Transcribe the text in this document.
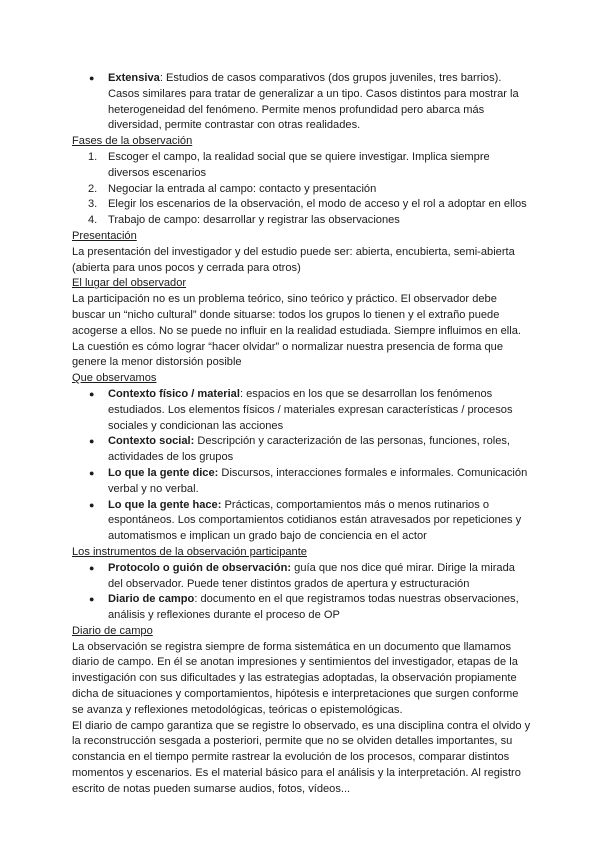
● Extensiva: Estudios de casos comparativos (dos grupos juveniles, tres barrios). Casos similares para tratar de generalizar a un tipo. Casos distintos para mostrar la heterogeneidad del fenómeno. Permite menos profundidad pero abarca más diversidad, permite contrastar con otras realidades.

Fases de la observación

1. Escoger el campo, la realidad social que se quiere investigar. Implica siempre diversos escenarios
2. Negociar la entrada al campo: contacto y presentación
3. Elegir los escenarios de la observación, el modo de acceso y el rol a adoptar en ellos
4. Trabajo de campo: desarrollar y registrar las observaciones

Presentación

La presentación del investigador y del estudio puede ser: abierta, encubierta, semi-abierta (abierta para unos pocos y cerrada para otros)

El lugar del observador

La participación no es un problema teórico, sino teórico y práctico. El observador debe buscar un “nicho cultural” donde situarse: todos los grupos lo tienen y el extraño puede acogerse a ellos. No se puede no influir en la realidad estudiada. Siempre influimos en ella. La cuestión es cómo lograr “hacer olvidar” o normalizar nuestra presencia de forma que genere la menor distorsión posible

Que observamos

● Contexto físico / material: espacios en los que se desarrollan los fenómenos estudiados. Los elementos físicos / materiales expresan características / procesos sociales y condicionan las acciones
● Contexto social: Descripción y caracterización de las personas, funciones, roles, actividades de los grupos
● Lo que la gente dice: Discursos, interacciones formales e informales. Comunicación verbal y no verbal.
● Lo que la gente hace: Prácticas, comportamientos más o menos rutinarios o espontáneos. Los comportamientos cotidianos están atravesados por repeticiones y automatismos e implican un grado bajo de conciencia en el actor

Los instrumentos de la observación participante

● Protocolo o guión de observación: guía que nos dice qué mirar. Dirige la mirada del observador. Puede tener distintos grados de apertura y estructuración
● Diario de campo: documento en el que registramos todas nuestras observaciones, análisis y reflexiones durante el proceso de OP

Diario de campo

La observación se registra siempre de forma sistemática en un documento que llamamos diario de campo. En él se anotan impresiones y sentimientos del investigador, etapas de la investigación con sus dificultades y las estrategias adoptadas, la observación propiamente dicha de situaciones y comportamientos, hipótesis e interpretaciones que surgen conforme se avanza y reflexiones metodológicas, teóricas o epistemológicas.

El diario de campo garantiza que se registre lo observado, es una disciplina contra el olvido y la reconstrucción sesgada a posteriori, permite que no se olviden detalles importantes, su constancia en el tiempo permite rastrear la evolución de los procesos, comparar distintos momentos y escenarios. Es el material básico para el análisis y la interpretación. Al registro escrito de notas pueden sumarse audios, fotos, vídeos...
